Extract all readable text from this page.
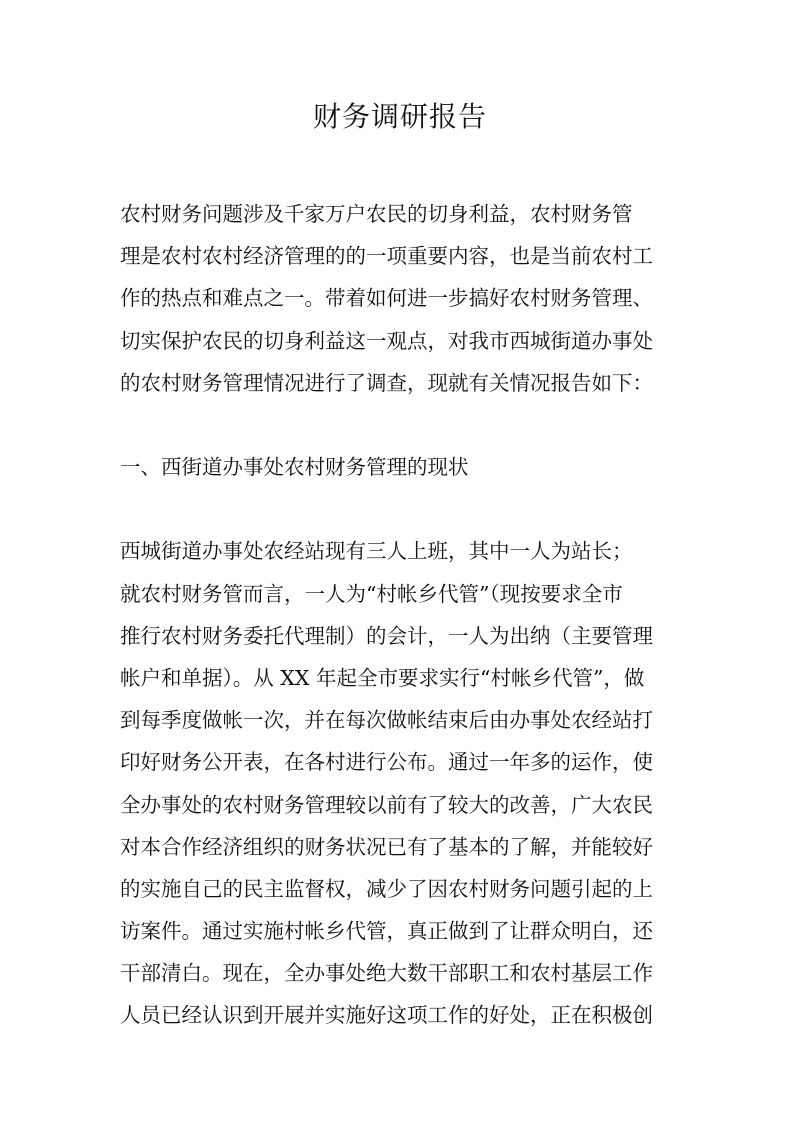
财务调研报告

农村财务问题涉及千家万户农民的切身利益，农村财务管

理是农村农村经济管理的的一项重要内容，也是当前农村工

作的热点和难点之一。带着如何进一步搞好农村财务管理、

切实保护农民的切身利益这一观点，对我市西城街道办事处

的农村财务管理情况进行了调查，现就有关情况报告如下：

一、西街道办事处农村财务管理的现状

西城街道办事处农经站现有三人上班，其中一人为站长；

就农村财务管而言，一人为“村帐乡代管”（现按要求全市

推行农村财务委托代理制）的会计，一人为出纳（主要管理

帐户和单据）。从 XX 年起全市要求实行“村帐乡代管”，做

到每季度做帐一次，并在每次做帐结束后由办事处农经站打

印好财务公开表，在各村进行公布。通过一年多的运作，使

全办事处的农村财务管理较以前有了较大的改善，广大农民

对本合作经济组织的财务状况已有了基本的了解，并能较好

的实施自己的民主监督权，减少了因农村财务问题引起的上

访案件。通过实施村帐乡代管，真正做到了让群众明白，还

干部清白。现在，全办事处绝大数干部职工和农村基层工作

人员已经认识到开展并实施好这项工作的好处，正在积极创
